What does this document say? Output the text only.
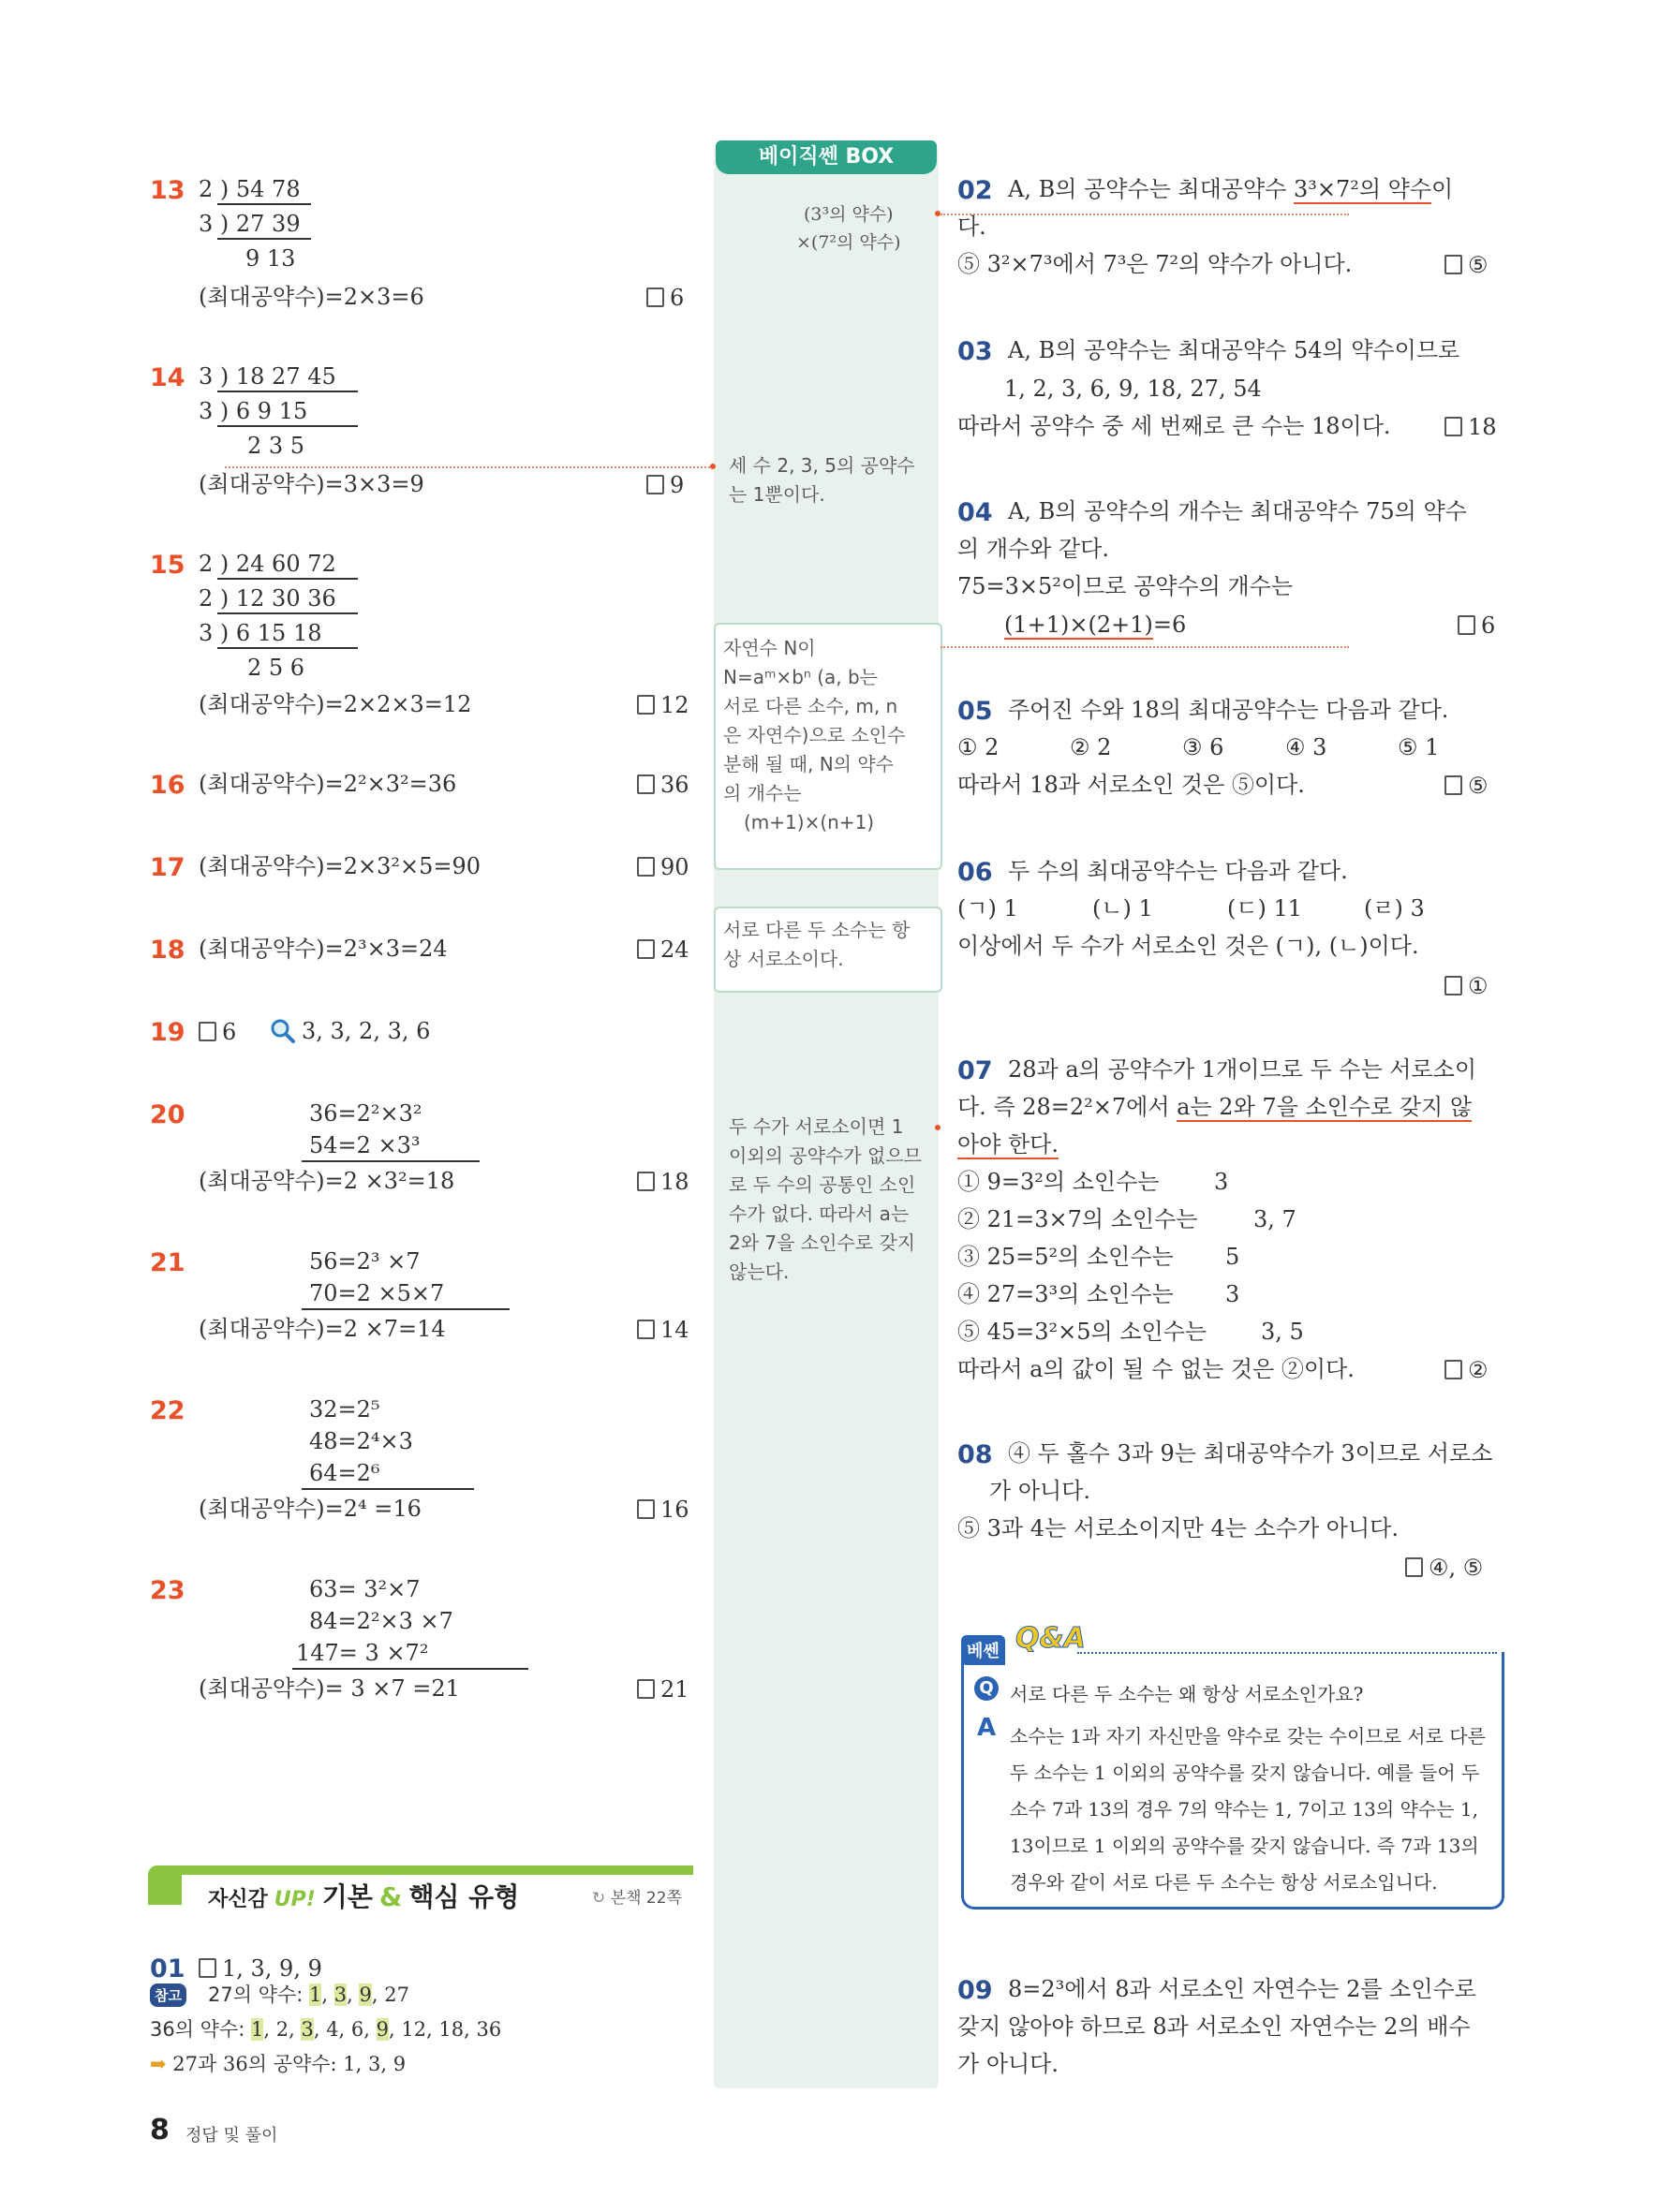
베이직쎈 BOX
(3³의 약수)
×(7²의 약수)
세 수 2, 3, 5의 공약수
는 1뿐이다.
자연수 N이
N=aᵐ×bⁿ (a, b는
서로 다른 소수, m, n
은 자연수)으로 소인수
분해 될 때, N의 약수
의 개수는
(m+1)×(n+1)
서로 다른 두 소수는 항
상 서로소이다.
두 수가 서로소이면 1
이외의 공약수가 없으므
로 두 수의 공통인 소인
수가 없다. 따라서 a는
2와 7을 소인수로 갖지
않는다.
13 2 ) 54 78
3 ) 27 39
9 13
(최대공약수)=2×3=6	6
14 3 ) 18 27 45
3 ) 6 9 15
2 3 5
(최대공약수)=3×3=9	9
15 2 ) 24 60 72
2 ) 12 30 36
3 ) 6 15 18
2 5 6
(최대공약수)=2×2×3=12	12
16 (최대공약수)=2²×3²=36	36
17 (최대공약수)=2×3²×5=90	90
18 (최대공약수)=2³×3=24	24
19	6	3, 3, 2, 3, 6
20	36=2²×3²
54=2 ×3³
(최대공약수)=2 ×3²=18	18
21	56=2³ ×7
70=2 ×5×7
(최대공약수)=2 ×7=14	14
22	32=2⁵
48=2⁴×3
64=2⁶
(최대공약수)=2⁴ =16	16
23	63= 3²×7
84=2²×3 ×7
147= 3 ×7²
(최대공약수)= 3 ×7 =21	21
자신감 UP! 기본 & 핵심 유형	↻ 본책 22쪽
01	1, 3, 9, 9
참고 27의 약수: 1, 3, 9, 27
36의 약수: 1, 2, 3, 4, 6, 9, 12, 18, 36
➡ 27과 36의 공약수: 1, 3, 9
8 정답 및 풀이
02 A, B의 공약수는 최대공약수 3³×7²의 약수이
다.
⑤ 3²×7³에서 7³은 7²의 약수가 아니다.	⑤
03 A, B의 공약수는 최대공약수 54의 약수이므로
1, 2, 3, 6, 9, 18, 27, 54
따라서 공약수 중 세 번째로 큰 수는 18이다.	18
04 A, B의 공약수의 개수는 최대공약수 75의 약수
의 개수와 같다.
75=3×5²이므로 공약수의 개수는
(1+1)×(2+1)=6	6
05 주어진 수와 18의 최대공약수는 다음과 같다.
① 2	② 2	③ 6	④ 3	⑤ 1
따라서 18과 서로소인 것은 ⑤이다.	⑤
06 두 수의 최대공약수는 다음과 같다.
(ㄱ) 1	(ㄴ) 1	(ㄷ) 11	(ㄹ) 3
이상에서 두 수가 서로소인 것은 (ㄱ), (ㄴ)이다.
①
07 28과 a의 공약수가 1개이므로 두 수는 서로소이
다. 즉 28=2²×7에서 a는 2와 7을 소인수로 갖지 않
아야 한다.
① 9=3²의 소인수는 3
② 21=3×7의 소인수는 3, 7
③ 25=5²의 소인수는 5
④ 27=3³의 소인수는 3
⑤ 45=3²×5의 소인수는 3, 5
따라서 a의 값이 될 수 없는 것은 ②이다.	②
08 ④ 두 홀수 3과 9는 최대공약수가 3이므로 서로소
가 아니다.
⑤ 3과 4는 서로소이지만 4는 소수가 아니다.
④, ⑤
베쎈 Q&A
Q 서로 다른 두 소수는 왜 항상 서로소인가요?
A 소수는 1과 자기 자신만을 약수로 갖는 수이므로 서로 다른
두 소수는 1 이외의 공약수를 갖지 않습니다. 예를 들어 두
소수 7과 13의 경우 7의 약수는 1, 7이고 13의 약수는 1,
13이므로 1 이외의 공약수를 갖지 않습니다. 즉 7과 13의
경우와 같이 서로 다른 두 소수는 항상 서로소입니다.
09 8=2³에서 8과 서로소인 자연수는 2를 소인수로
갖지 않아야 하므로 8과 서로소인 자연수는 2의 배수
가 아니다.
